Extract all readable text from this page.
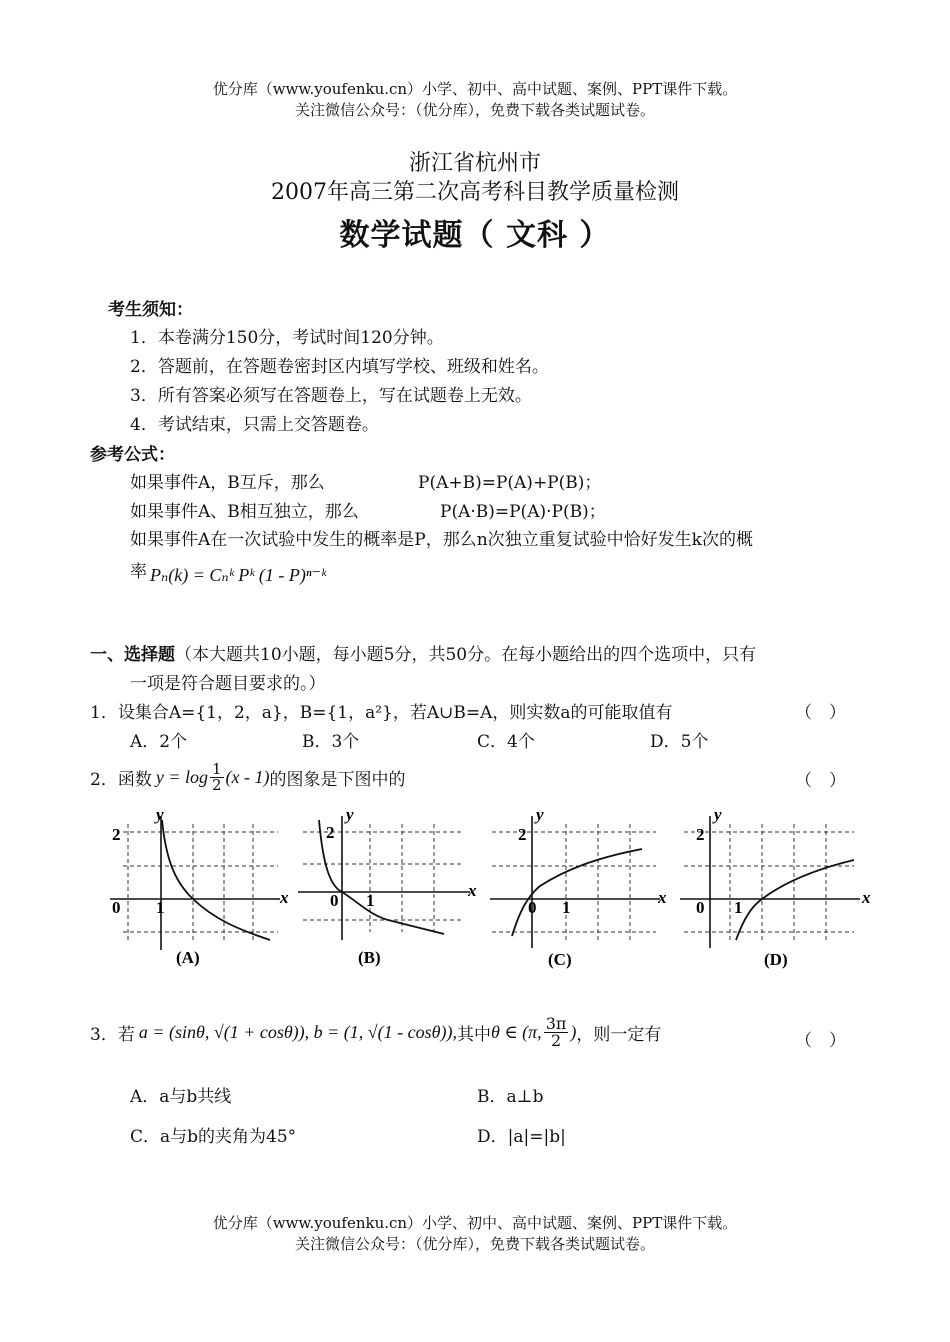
优分库（www.youfenku.cn）小学、初中、高中试题、案例、PPT课件下载。
关注微信公众号：（优分库），免费下载各类试题试卷。
浙江省杭州市
2007年高三第二次高考科目教学质量检测
数学试题（ 文科 ）
考生须知：
1．本卷满分150分，考试时间120分钟。
2．答题前，在答题卷密封区内填写学校、班级和姓名。
3．所有答案必须写在答题卷上，写在试题卷上无效。
4．考试结束，只需上交答题卷。
参考公式：
如果事件A，B互斥，那么	P(A+B)=P(A)+P(B)；
如果事件A、B相互独立，那么	P(A·B)=P(A)·P(B)；
如果事件A在一次试验中发生的概率是P，那么n次独立重复试验中恰好发生k次的概
率 Pₙ(k) = Cₙᵏ Pᵏ (1 - P)ⁿ⁻ᵏ
一、选择题（本大题共10小题，每小题5分，共50分。在每小题给出的四个选项中，只有
一项是符合题目要求的。）
1．设集合A={1，2，a}，B={1，a²}，若A∪B=A，则实数a的可能取值有	（　）
A．2个	B．3个	C．4个	D．5个
2．函数 $y = \log \frac{1}{2} (x - 1)$ 的图象是下图中的	（　）
2
1
0
x
y
(A)
2
1
0
x
y
(B)
2
1
0
x
y
(C)
2
1
0
x
y
(D)
3．若 a = (sinθ, √(1 + cosθ)), b = (1, √(1 - cosθ)), 其中 θ ∈ (π, $\frac{3\pi}{2}$ ) ，则一定有	（　）
A．a与b共线	B．a⊥b
C．a与b的夹角为45°	D．|a|=|b|
优分库（www.youfenku.cn）小学、初中、高中试题、案例、PPT课件下载。
关注微信公众号：（优分库），免费下载各类试题试卷。
